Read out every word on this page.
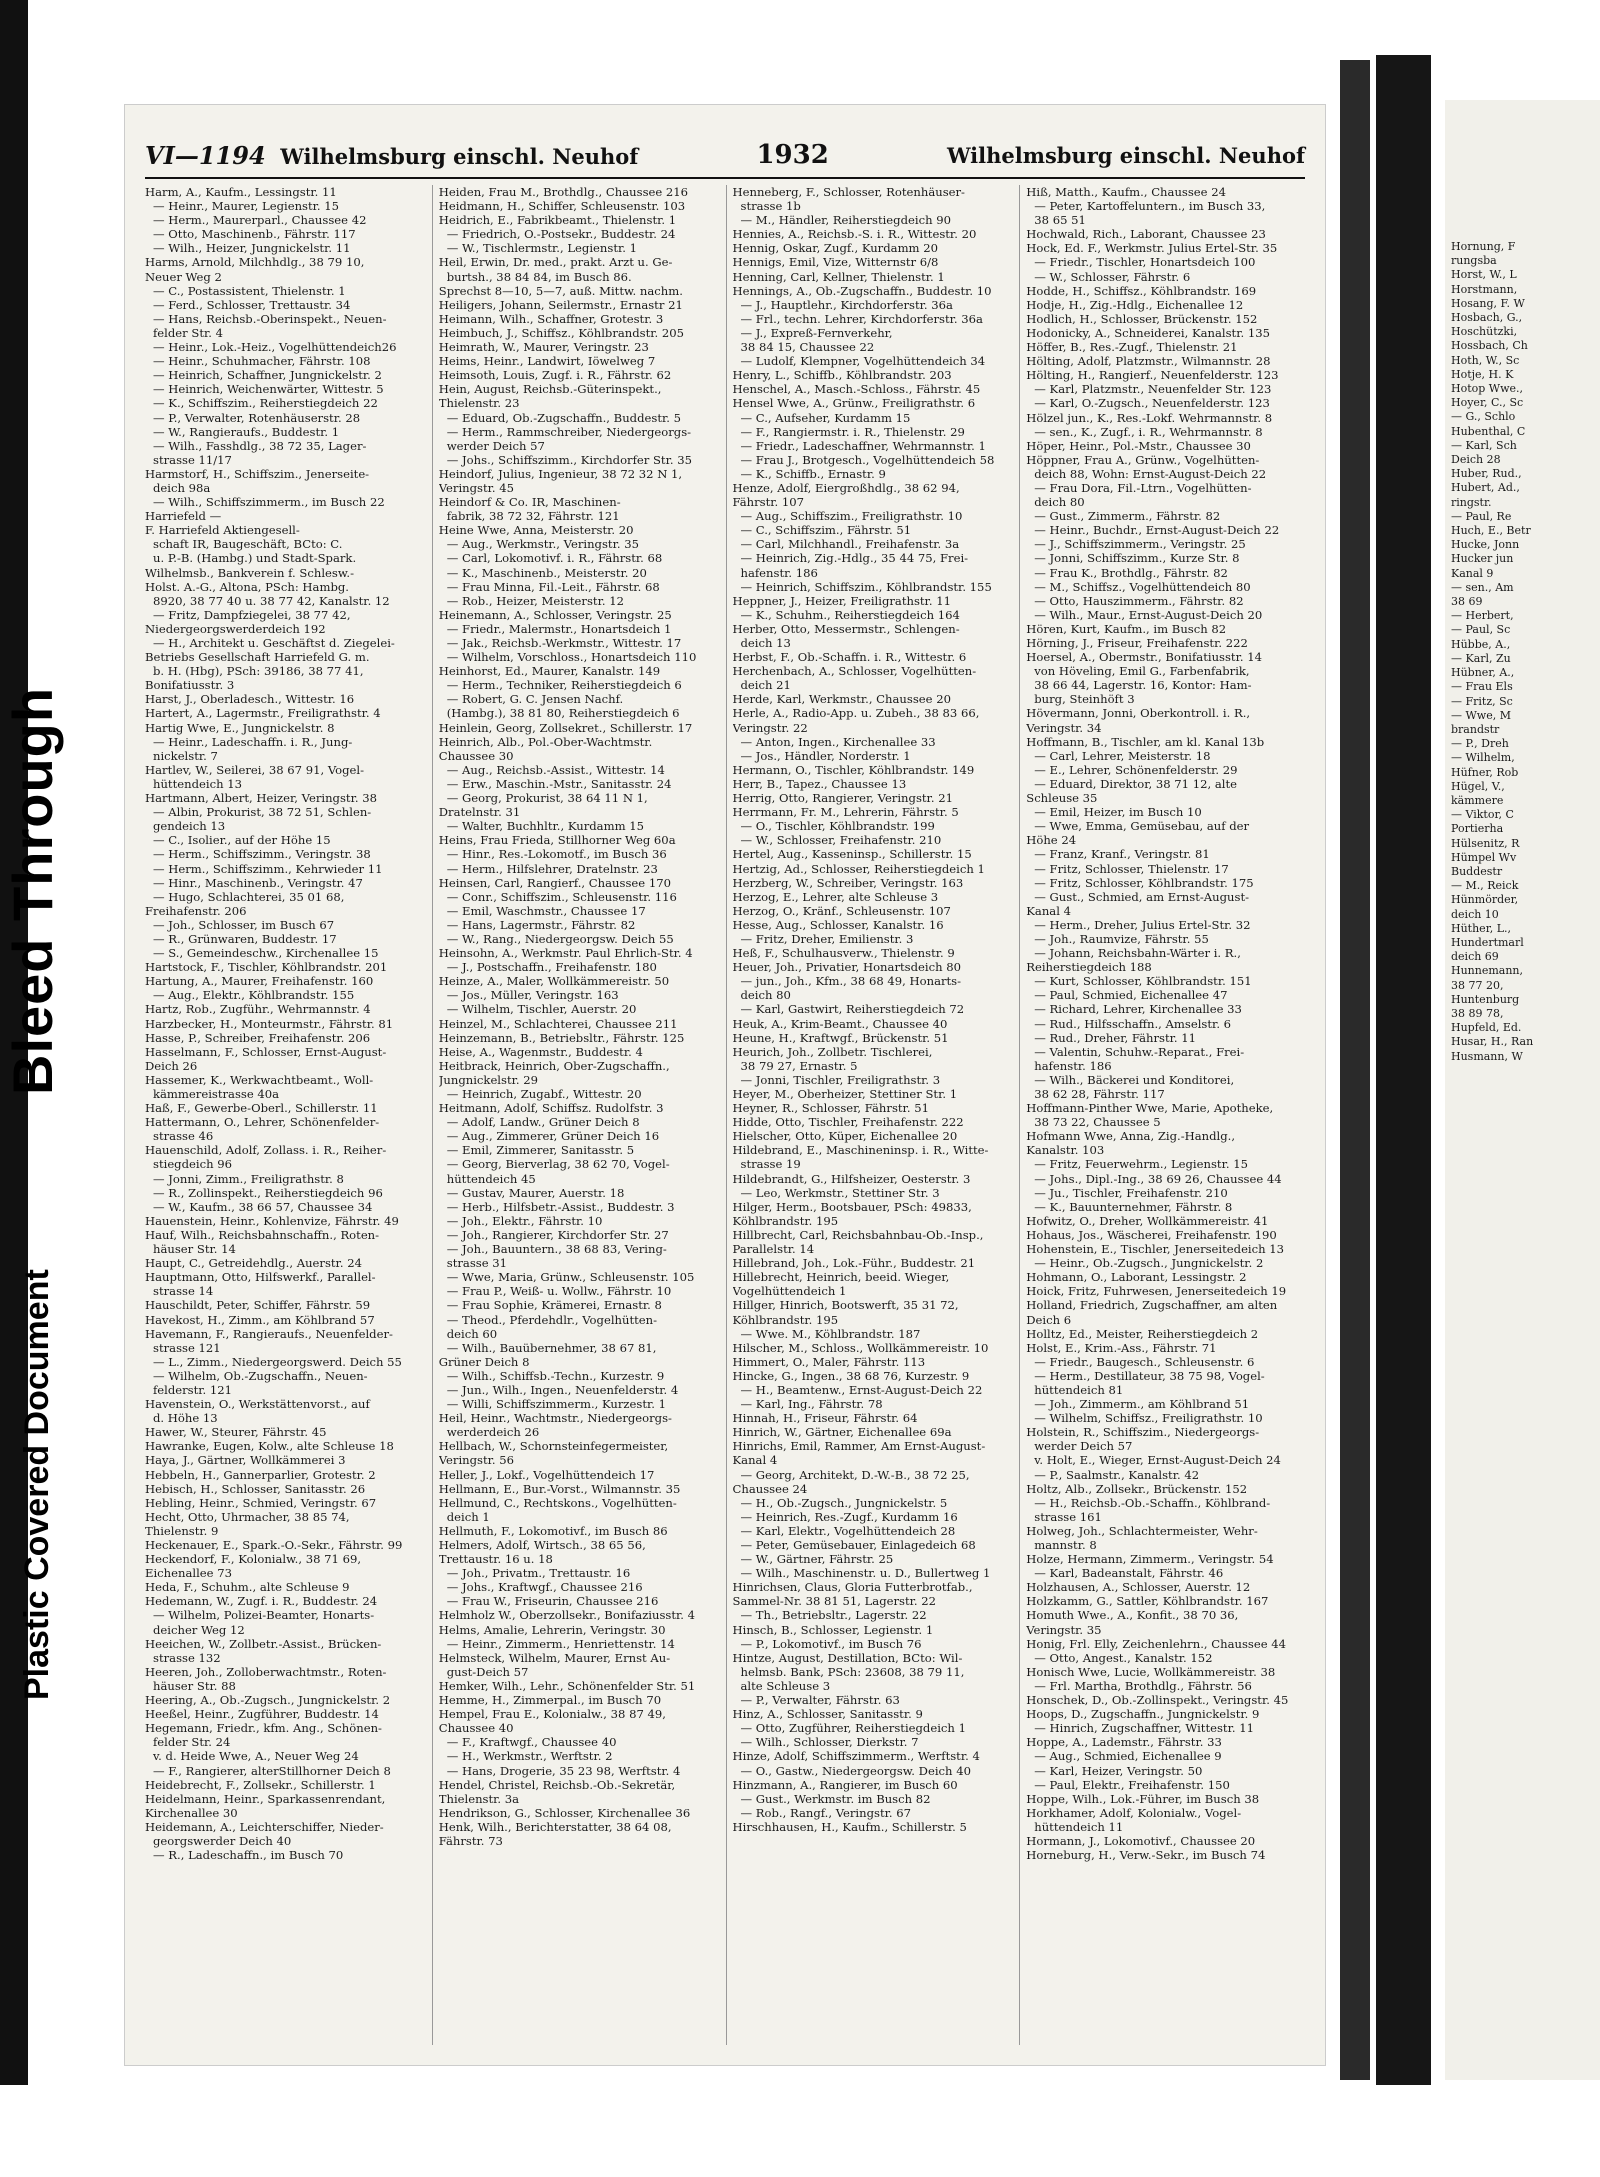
Bleed Through
Plastic Covered Document
VI—1194 Wilhelmsburg einschl. Neuhof	1932	Wilhelmsburg einschl. Neuhof
Harm, A., Kaufm., Lessingstr. 11
— Heinr., Maurer, Legienstr. 15
— Herm., Maurerparl., Chaussee 42
— Otto, Maschinenb., Fährstr. 117
— Wilh., Heizer, Jungnickelstr. 11
Harms, Arnold, Milchhdlg., 38 79 10,
Neuer Weg 2
— C., Postassistent, Thielenstr. 1
— Ferd., Schlosser, Trettaustr. 34
— Hans, Reichsb.-Oberinspekt., Neuen-
felder Str. 4
— Heinr., Lok.-Heiz., Vogelhüttendeich26
— Heinr., Schuhmacher, Fährstr. 108
— Heinrich, Schaffner, Jungnickelstr. 2
— Heinrich, Weichenwärter, Wittestr. 5
— K., Schiffszim., Reiherstiegdeich 22
— P., Verwalter, Rotenhäuserstr. 28
— W., Rangieraufs., Buddestr. 1
— Wilh., Fasshdlg., 38 72 35, Lager-
strasse 11/17
Harmstorf, H., Schiffszim., Jenerseite-
deich 98a
— Wilh., Schiffszimmerm., im Busch 22
Harriefeld —
F. Harriefeld Aktiengesell-
schaft IR, Baugeschäft, BCto: C.
u. P.-B. (Hambg.) und Stadt-Spark.
Wilhelmsb., Bankverein f. Schlesw.-
Holst. A.-G., Altona, PSch: Hambg.
8920, 38 77 40 u. 38 77 42, Kanalstr. 12
— Fritz, Dampfziegelei, 38 77 42,
Niedergeorgswerderdeich 192
— H., Architekt u. Geschäftst d. Ziegelei-
Betriebs Gesellschaft Harriefeld G. m.
b. H. (Hbg), PSch: 39186, 38 77 41,
Bonifatiusstr. 3
Harst, J., Oberladesch., Wittestr. 16
Hartert, A., Lagermstr., Freiligrathstr. 4
Hartig Wwe, E., Jungnickelstr. 8
— Heinr., Ladeschaffn. i. R., Jung-
nickelstr. 7
Hartlev, W., Seilerei, 38 67 91, Vogel-
hüttendeich 13
Hartmann, Albert, Heizer, Veringstr. 38
— Albin, Prokurist, 38 72 51, Schlen-
gendeich 13
— C., Isolier., auf der Höhe 15
— Herm., Schiffszimm., Veringstr. 38
— Herm., Schiffszimm., Kehrwieder 11
— Hinr., Maschinenb., Veringstr. 47
— Hugo, Schlachterei, 35 01 68,
Freihafenstr. 206
— Joh., Schlosser, im Busch 67
— R., Grünwaren, Buddestr. 17
— S., Gemeindeschw., Kirchenallee 15
Hartstock, F., Tischler, Köhlbrandstr. 201
Hartung, A., Maurer, Freihafenstr. 160
— Aug., Elektr., Köhlbrandstr. 155
Hartz, Rob., Zugführ., Wehrmannstr. 4
Harzbecker, H., Monteurmstr., Fährstr. 81
Hasse, P., Schreiber, Freihafenstr. 206
Hasselmann, F., Schlosser, Ernst-August-
Deich 26
Hassemer, K., Werkwachtbeamt., Woll-
kämmereistrasse 40a
Haß, F., Gewerbe-Oberl., Schillerstr. 11
Hattermann, O., Lehrer, Schönenfelder-
strasse 46
Hauenschild, Adolf, Zollass. i. R., Reiher-
stiegdeich 96
— Jonni, Zimm., Freiligrathstr. 8
— R., Zollinspekt., Reiherstiegdeich 96
— W., Kaufm., 38 66 57, Chaussee 34
Hauenstein, Heinr., Kohlenvize, Fährstr. 49
Hauf, Wilh., Reichsbahnschaffn., Roten-
häuser Str. 14
Haupt, C., Getreidehdlg., Auerstr. 24
Hauptmann, Otto, Hilfswerkf., Parallel-
strasse 14
Hauschildt, Peter, Schiffer, Fährstr. 59
Havekost, H., Zimm., am Köhlbrand 57
Havemann, F., Rangieraufs., Neuenfelder-
strasse 121
— L., Zimm., Niedergeorgswerd. Deich 55
— Wilhelm, Ob.-Zugschaffn., Neuen-
felderstr. 121
Havenstein, O., Werkstättenvorst., auf
d. Höhe 13
Hawer, W., Steurer, Fährstr. 45
Hawranke, Eugen, Kolw., alte Schleuse 18
Haya, J., Gärtner, Wollkämmerei 3
Hebbeln, H., Gannerparlier, Grotestr. 2
Hebisch, H., Schlosser, Sanitasstr. 26
Hebling, Heinr., Schmied, Veringstr. 67
Hecht, Otto, Uhrmacher, 38 85 74,
Thielenstr. 9
Heckenauer, E., Spark.-O.-Sekr., Fährstr. 99
Heckendorf, F., Kolonialw., 38 71 69,
Eichenallee 73
Heda, F., Schuhm., alte Schleuse 9
Hedemann, W., Zugf. i. R., Buddestr. 24
— Wilhelm, Polizei-Beamter, Honarts-
deicher Weg 12
Heeichen, W., Zollbetr.-Assist., Brücken-
strasse 132
Heeren, Joh., Zolloberwachtmstr., Roten-
häuser Str. 88
Heering, A., Ob.-Zugsch., Jungnickelstr. 2
Heeßel, Heinr., Zugführer, Buddestr. 14
Hegemann, Friedr., kfm. Ang., Schönen-
felder Str. 24
v. d. Heide Wwe, A., Neuer Weg 24
— F., Rangierer, alterStillhorner Deich 8
Heidebrecht, F., Zollsekr., Schillerstr. 1
Heidelmann, Heinr., Sparkassenrendant,
Kirchenallee 30
Heidemann, A., Leichterschiffer, Nieder-
georgswerder Deich 40
— R., Ladeschaffn., im Busch 70
Heiden, Frau M., Brothdlg., Chaussee 216
Heidmann, H., Schiffer, Schleusenstr. 103
Heidrich, E., Fabrikbeamt., Thielenstr. 1
— Friedrich, O.-Postsekr., Buddestr. 24
— W., Tischlermstr., Legienstr. 1
Heil, Erwin, Dr. med., prakt. Arzt u. Ge-
burtsh., 38 84 84, im Busch 86.
Sprechst 8—10, 5—7, auß. Mittw. nachm.
Heiligers, Johann, Seilermstr., Ernastr 21
Heimann, Wilh., Schaffner, Grotestr. 3
Heimbuch, J., Schiffsz., Köhlbrandstr. 205
Heimrath, W., Maurer, Veringstr. 23
Heims, Heinr., Landwirt, Iöwelweg 7
Heimsoth, Louis, Zugf. i. R., Fährstr. 62
Hein, August, Reichsb.-Güterinspekt.,
Thielenstr. 23
— Eduard, Ob.-Zugschaffn., Buddestr. 5
— Herm., Rammschreiber, Niedergeorgs-
werder Deich 57
— Johs., Schiffszimm., Kirchdorfer Str. 35
Heindorf, Julius, Ingenieur, 38 72 32 N 1,
Veringstr. 45
Heindorf & Co. IR, Maschinen-
fabrik, 38 72 32, Fährstr. 121
Heine Wwe, Anna, Meisterstr. 20
— Aug., Werkmstr., Veringstr. 35
— Carl, Lokomotivf. i. R., Fährstr. 68
— K., Maschinenb., Meisterstr. 20
— Frau Minna, Fil.-Leit., Fährstr. 68
— Rob., Heizer, Meisterstr. 12
Heinemann, A., Schlosser, Veringstr. 25
— Friedr., Malermstr., Honartsdeich 1
— Jak., Reichsb.-Werkmstr., Wittestr. 17
— Wilhelm, Vorschloss., Honartsdeich 110
Heinhorst, Ed., Maurer, Kanalstr. 149
— Herm., Techniker, Reiherstiegdeich 6
— Robert, G. C. Jensen Nachf.
(Hambg.), 38 81 80, Reiherstiegdeich 6
Heinlein, Georg, Zollsekret., Schillerstr. 17
Heinrich, Alb., Pol.-Ober-Wachtmstr.
Chaussee 30
— Aug., Reichsb.-Assist., Wittestr. 14
— Erw., Maschin.-Mstr., Sanitasstr. 24
— Georg, Prokurist, 38 64 11 N 1,
Dratelnstr. 31
— Walter, Buchhltr., Kurdamm 15
Heins, Frau Frieda, Stillhorner Weg 60a
— Hinr., Res.-Lokomotf., im Busch 36
— Herm., Hilfslehrer, Dratelnstr. 23
Heinsen, Carl, Rangierf., Chaussee 170
— Conr., Schiffszim., Schleusenstr. 116
— Emil, Waschmstr., Chaussee 17
— Hans, Lagermstr., Fährstr. 82
— W., Rang., Niedergeorgsw. Deich 55
Heinsohn, A., Werkmstr. Paul Ehrlich-Str. 4
— J., Postschaffn., Freihafenstr. 180
Heinze, A., Maler, Wollkämmereistr. 50
— Jos., Müller, Veringstr. 163
— Wilhelm, Tischler, Auerstr. 20
Heinzel, M., Schlachterei, Chaussee 211
Heinzemann, B., Betriebsltr., Fährstr. 125
Heise, A., Wagenmstr., Buddestr. 4
Heitbrack, Heinrich, Ober-Zugschaffn.,
Jungnickelstr. 29
— Heinrich, Zugabf., Wittestr. 20
Heitmann, Adolf, Schiffsz. Rudolfstr. 3
— Adolf, Landw., Grüner Deich 8
— Aug., Zimmerer, Grüner Deich 16
— Emil, Zimmerer, Sanitasstr. 5
— Georg, Bierverlag, 38 62 70, Vogel-
hüttendeich 45
— Gustav, Maurer, Auerstr. 18
— Herb., Hilfsbetr.-Assist., Buddestr. 3
— Joh., Elektr., Fährstr. 10
— Joh., Rangierer, Kirchdorfer Str. 27
— Joh., Bauuntern., 38 68 83, Vering-
strasse 31
— Wwe, Maria, Grünw., Schleusenstr. 105
— Frau P., Weiß- u. Wollw., Fährstr. 10
— Frau Sophie, Krämerei, Ernastr. 8
— Theod., Pferdehdlr., Vogelhütten-
deich 60
— Wilh., Bauübernehmer, 38 67 81,
Grüner Deich 8
— Wilh., Schiffsb.-Techn., Kurzestr. 9
— Jun., Wilh., Ingen., Neuenfelderstr. 4
— Willi, Schiffszimmerm., Kurzestr. 1
Heil, Heinr., Wachtmstr., Niedergeorgs-
werderdeich 26
Hellbach, W., Schornsteinfegermeister,
Veringstr. 56
Heller, J., Lokf., Vogelhüttendeich 17
Hellmann, E., Bur.-Vorst., Wilmannstr. 35
Hellmund, C., Rechtskons., Vogelhütten-
deich 1
Hellmuth, F., Lokomotivf., im Busch 86
Helmers, Adolf, Wirtsch., 38 65 56,
Trettaustr. 16 u. 18
— Joh., Privatm., Trettaustr. 16
— Johs., Kraftwgf., Chaussee 216
— Frau W., Friseurin, Chaussee 216
Helmholz W., Oberzollsekr., Bonifaziusstr. 4
Helms, Amalie, Lehrerin, Veringstr. 30
— Heinr., Zimmerm., Henriettenstr. 14
Helmsteck, Wilhelm, Maurer, Ernst Au-
gust-Deich 57
Hemker, Wilh., Lehr., Schönenfelder Str. 51
Hemme, H., Zimmerpal., im Busch 70
Hempel, Frau E., Kolonialw., 38 87 49,
Chaussee 40
— F., Kraftwgf., Chaussee 40
— H., Werkmstr., Werftstr. 2
— Hans, Drogerie, 35 23 98, Werftstr. 4
Hendel, Christel, Reichsb.-Ob.-Sekretär,
Thielenstr. 3a
Hendrikson, G., Schlosser, Kirchenallee 36
Henk, Wilh., Berichterstatter, 38 64 08,
Fährstr. 73
Henneberg, F., Schlosser, Rotenhäuser-
strasse 1b
— M., Händler, Reiherstiegdeich 90
Hennies, A., Reichsb.-S. i. R., Wittestr. 20
Hennig, Oskar, Zugf., Kurdamm 20
Hennigs, Emil, Vize, Witternstr 6/8
Henning, Carl, Kellner, Thielenstr. 1
Hennings, A., Ob.-Zugschaffn., Buddestr. 10
— J., Hauptlehr., Kirchdorferstr. 36a
— Frl., techn. Lehrer, Kirchdorferstr. 36a
— J., Expreß-Fernverkehr,
38 84 15, Chaussee 22
— Ludolf, Klempner, Vogelhüttendeich 34
Henry, L., Schiffb., Köhlbrandstr. 203
Henschel, A., Masch.-Schloss., Fährstr. 45
Hensel Wwe, A., Grünw., Freiligrathstr. 6
— C., Aufseher, Kurdamm 15
— F., Rangiermstr. i. R., Thielenstr. 29
— Friedr., Ladeschaffner, Wehrmannstr. 1
— Frau J., Brotgesch., Vogelhüttendeich 58
— K., Schiffb., Ernastr. 9
Henze, Adolf, Eiergroßhdlg., 38 62 94,
Fährstr. 107
— Aug., Schiffszim., Freiligrathstr. 10
— C., Schiffszim., Fährstr. 51
— Carl, Milchhandl., Freihafenstr. 3a
— Heinrich, Zig.-Hdlg., 35 44 75, Frei-
hafenstr. 186
— Heinrich, Schiffszim., Köhlbrandstr. 155
Heppner, J., Heizer, Freiligrathstr. 11
— K., Schuhm., Reiherstiegdeich 164
Herber, Otto, Messermstr., Schlengen-
deich 13
Herbst, F., Ob.-Schaffn. i. R., Wittestr. 6
Herchenbach, A., Schlosser, Vogelhütten-
deich 21
Herde, Karl, Werkmstr., Chaussee 20
Herle, A., Radio-App. u. Zubeh., 38 83 66,
Veringstr. 22
— Anton, Ingen., Kirchenallee 33
— Jos., Händler, Norderstr. 1
Hermann, O., Tischler, Köhlbrandstr. 149
Herr, B., Tapez., Chaussee 13
Herrig, Otto, Rangierer, Veringstr. 21
Herrmann, Fr. M., Lehrerin, Fährstr. 5
— O., Tischler, Köhlbrandstr. 199
— W., Schlosser, Freihafenstr. 210
Hertel, Aug., Kasseninsp., Schillerstr. 15
Hertzig, Ad., Schlosser, Reiherstiegdeich 1
Herzberg, W., Schreiber, Veringstr. 163
Herzog, E., Lehrer, alte Schleuse 3
Herzog, O., Kränf., Schleusenstr. 107
Hesse, Aug., Schlosser, Kanalstr. 16
— Fritz, Dreher, Emilienstr. 3
Heß, F., Schulhausverw., Thielenstr. 9
Heuer, Joh., Privatier, Honartsdeich 80
— jun., Joh., Kfm., 38 68 49, Honarts-
deich 80
— Karl, Gastwirt, Reiherstiegdeich 72
Heuk, A., Krim-Beamt., Chaussee 40
Heune, H., Kraftwgf., Brückenstr. 51
Heurich, Joh., Zollbetr. Tischlerei,
38 79 27, Ernastr. 5
— Jonni, Tischler, Freiligrathstr. 3
Heyer, M., Oberheizer, Stettiner Str. 1
Heyner, R., Schlosser, Fährstr. 51
Hidde, Otto, Tischler, Freihafenstr. 222
Hielscher, Otto, Küper, Eichenallee 20
Hildebrand, E., Maschineninsp. i. R., Witte-
strasse 19
Hildebrandt, G., Hilfsheizer, Oesterstr. 3
— Leo, Werkmstr., Stettiner Str. 3
Hilger, Herm., Bootsbauer, PSch: 49833,
Köhlbrandstr. 195
Hillbrecht, Carl, Reichsbahnbau-Ob.-Insp.,
Parallelstr. 14
Hillebrand, Joh., Lok.-Führ., Buddestr. 21
Hillebrecht, Heinrich, beeid. Wieger,
Vogelhüttendeich 1
Hillger, Hinrich, Bootswerft, 35 31 72,
Köhlbrandstr. 195
— Wwe. M., Köhlbrandstr. 187
Hilscher, M., Schloss., Wollkämmereistr. 10
Himmert, O., Maler, Fährstr. 113
Hincke, G., Ingen., 38 68 76, Kurzestr. 9
— H., Beamtenw., Ernst-August-Deich 22
— Karl, Ing., Fährstr. 78
Hinnah, H., Friseur, Fährstr. 64
Hinrich, W., Gärtner, Eichenallee 69a
Hinrichs, Emil, Rammer, Am Ernst-August-
Kanal 4
— Georg, Architekt, D.-W.-B., 38 72 25,
Chaussee 24
— H., Ob.-Zugsch., Jungnickelstr. 5
— Heinrich, Res.-Zugf., Kurdamm 16
— Karl, Elektr., Vogelhüttendeich 28
— Peter, Gemüsebauer, Einlagedeich 68
— W., Gärtner, Fährstr. 25
— Wilh., Maschinenstr. u. D., Bullertweg 1
Hinrichsen, Claus, Gloria Futterbrotfab.,
Sammel-Nr. 38 81 51, Lagerstr. 22
— Th., Betriebsltr., Lagerstr. 22
Hinsch, B., Schlosser, Legienstr. 1
— P., Lokomotivf., im Busch 76
Hintze, August, Destillation, BCto: Wil-
helmsb. Bank, PSch: 23608, 38 79 11,
alte Schleuse 3
— P., Verwalter, Fährstr. 63
Hinz, A., Schlosser, Sanitasstr. 9
— Otto, Zugführer, Reiherstiegdeich 1
— Wilh., Schlosser, Dierkstr. 7
Hinze, Adolf, Schiffszimmerm., Werftstr. 4
— O., Gastw., Niedergeorgsw. Deich 40
Hinzmann, A., Rangierer, im Busch 60
— Gust., Werkmstr. im Busch 82
— Rob., Rangf., Veringstr. 67
Hirschhausen, H., Kaufm., Schillerstr. 5
Hiß, Matth., Kaufm., Chaussee 24
— Peter, Kartoffeluntern., im Busch 33,
38 65 51
Hochwald, Rich., Laborant, Chaussee 23
Hock, Ed. F., Werkmstr. Julius Ertel-Str. 35
— Friedr., Tischler, Honartsdeich 100
— W., Schlosser, Fährstr. 6
Hodde, H., Schiffsz., Köhlbrandstr. 169
Hodje, H., Zig.-Hdlg., Eichenallee 12
Hodlich, H., Schlosser, Brückenstr. 152
Hodonicky, A., Schneiderei, Kanalstr. 135
Höffer, B., Res.-Zugf., Thielenstr. 21
Hölting, Adolf, Platzmstr., Wilmannstr. 28
Hölting, H., Rangierf., Neuenfelderstr. 123
— Karl, Platzmstr., Neuenfelder Str. 123
— Karl, O.-Zugsch., Neuenfelderstr. 123
Hölzel jun., K., Res.-Lokf. Wehrmannstr. 8
— sen., K., Zugf., i. R., Wehrmannstr. 8
Höper, Heinr., Pol.-Mstr., Chaussee 30
Höppner, Frau A., Grünw., Vogelhütten-
deich 88, Wohn: Ernst-August-Deich 22
— Frau Dora, Fil.-Ltrn., Vogelhütten-
deich 80
— Gust., Zimmerm., Fährstr. 82
— Heinr., Buchdr., Ernst-August-Deich 22
— J., Schiffszimmerm., Veringstr. 25
— Jonni, Schiffszimm., Kurze Str. 8
— Frau K., Brothdlg., Fährstr. 82
— M., Schiffsz., Vogelhüttendeich 80
— Otto, Hauszimmerm., Fährstr. 82
— Wilh., Maur., Ernst-August-Deich 20
Hören, Kurt, Kaufm., im Busch 82
Hörning, J., Friseur, Freihafenstr. 222
Hoersel, A., Obermstr., Bonifatiusstr. 14
von Höveling, Emil G., Farbenfabrik,
38 66 44, Lagerstr. 16, Kontor: Ham-
burg, Steinhöft 3
Hövermann, Jonni, Oberkontroll. i. R.,
Veringstr. 34
Hoffmann, B., Tischler, am kl. Kanal 13b
— Carl, Lehrer, Meisterstr. 18
— E., Lehrer, Schönenfelderstr. 29
— Eduard, Direktor, 38 71 12, alte
Schleuse 35
— Emil, Heizer, im Busch 10
— Wwe, Emma, Gemüsebau, auf der
Höhe 24
— Franz, Kranf., Veringstr. 81
— Fritz, Schlosser, Thielenstr. 17
— Fritz, Schlosser, Köhlbrandstr. 175
— Gust., Schmied, am Ernst-August-
Kanal 4
— Herm., Dreher, Julius Ertel-Str. 32
— Joh., Raumvize, Fährstr. 55
— Johann, Reichsbahn-Wärter i. R.,
Reiherstiegdeich 188
— Kurt, Schlosser, Köhlbrandstr. 151
— Paul, Schmied, Eichenallee 47
— Richard, Lehrer, Kirchenallee 33
— Rud., Hilfsschaffn., Amselstr. 6
— Rud., Dreher, Fährstr. 11
— Valentin, Schuhw.-Reparat., Frei-
hafenstr. 186
— Wilh., Bäckerei und Konditorei,
38 62 28, Fährstr. 117
Hoffmann-Pinther Wwe, Marie, Apotheke,
38 73 22, Chaussee 5
Hofmann Wwe, Anna, Zig.-Handlg.,
Kanalstr. 103
— Fritz, Feuerwehrm., Legienstr. 15
— Johs., Dipl.-Ing., 38 69 26, Chaussee 44
— Ju., Tischler, Freihafenstr. 210
— K., Bauunternehmer, Fährstr. 8
Hofwitz, O., Dreher, Wollkämmereistr. 41
Hohaus, Jos., Wäscherei, Freihafenstr. 190
Hohenstein, E., Tischler, Jenerseitedeich 13
— Heinr., Ob.-Zugsch., Jungnickelstr. 2
Hohmann, O., Laborant, Lessingstr. 2
Hoick, Fritz, Fuhrwesen, Jenerseitedeich 19
Holland, Friedrich, Zugschaffner, am alten
Deich 6
Holltz, Ed., Meister, Reiherstiegdeich 2
Holst, E., Krim.-Ass., Fährstr. 71
— Friedr., Baugesch., Schleusenstr. 6
— Herm., Destillateur, 38 75 98, Vogel-
hüttendeich 81
— Joh., Zimmerm., am Köhlbrand 51
— Wilhelm, Schiffsz., Freiligrathstr. 10
Holstein, R., Schiffszim., Niedergeorgs-
werder Deich 57
v. Holt, E., Wieger, Ernst-August-Deich 24
— P., Saalmstr., Kanalstr. 42
Holtz, Alb., Zollsekr., Brückenstr. 152
— H., Reichsb.-Ob.-Schaffn., Köhlbrand-
strasse 161
Holweg, Joh., Schlachtermeister, Wehr-
mannstr. 8
Holze, Hermann, Zimmerm., Veringstr. 54
— Karl, Badeanstalt, Fährstr. 46
Holzhausen, A., Schlosser, Auerstr. 12
Holzkamm, G., Sattler, Köhlbrandstr. 167
Homuth Wwe., A., Konfit., 38 70 36,
Veringstr. 35
Honig, Frl. Elly, Zeichenlehrn., Chaussee 44
— Otto, Angest., Kanalstr. 152
Honisch Wwe, Lucie, Wollkämmereistr. 38
— Frl. Martha, Brothdlg., Fährstr. 56
Honschek, D., Ob.-Zollinspekt., Veringstr. 45
Hoops, D., Zugschaffn., Jungnickelstr. 9
— Hinrich, Zugschaffner, Wittestr. 11
Hoppe, A., Lademstr., Fährstr. 33
— Aug., Schmied, Eichenallee 9
— Karl, Heizer, Veringstr. 50
— Paul, Elektr., Freihafenstr. 150
Hoppe, Wilh., Lok.-Führer, im Busch 38
Horkhamer, Adolf, Kolonialw., Vogel-
hüttendeich 11
Hormann, J., Lokomotivf., Chaussee 20
Horneburg, H., Verw.-Sekr., im Busch 74
Hornung, F
rungsba
Horst, W., L
Horstmann,
Hosang, F. W
Hosbach, G.,
Hoschützki,
Hossbach, Ch
Hoth, W., Sc
Hotje, H. K
Hotop Wwe.,
Hoyer, C., Sc
— G., Schlo
Hubenthal, C
— Karl, Sch
Deich 28
Huber, Rud.,
Hubert, Ad.,
ringstr.
— Paul, Re
Huch, E., Betr
Hucke, Jonn
Hucker jun
Kanal 9
— sen., Am
38 69
— Herbert,
— Paul, Sc
Hübbe, A.,
— Karl, Zu
Hübner, A.,
— Frau Els
— Fritz, Sc
— Wwe, M
brandstr
— P., Dreh
— Wilhelm,
Hüfner, Rob
Hügel, V.,
kämmere
— Viktor, C
Portierha
Hülsenitz, R
Hümpel Wv
Buddestr
— M., Reick
Hünmörder,
deich 10
Hüther, L.,
Hundertmarl
deich 69
Hunnemann,
38 77 20,
Huntenburg
38 89 78,
Hupfeld, Ed.
Husar, H., Ran
Husmann, W
